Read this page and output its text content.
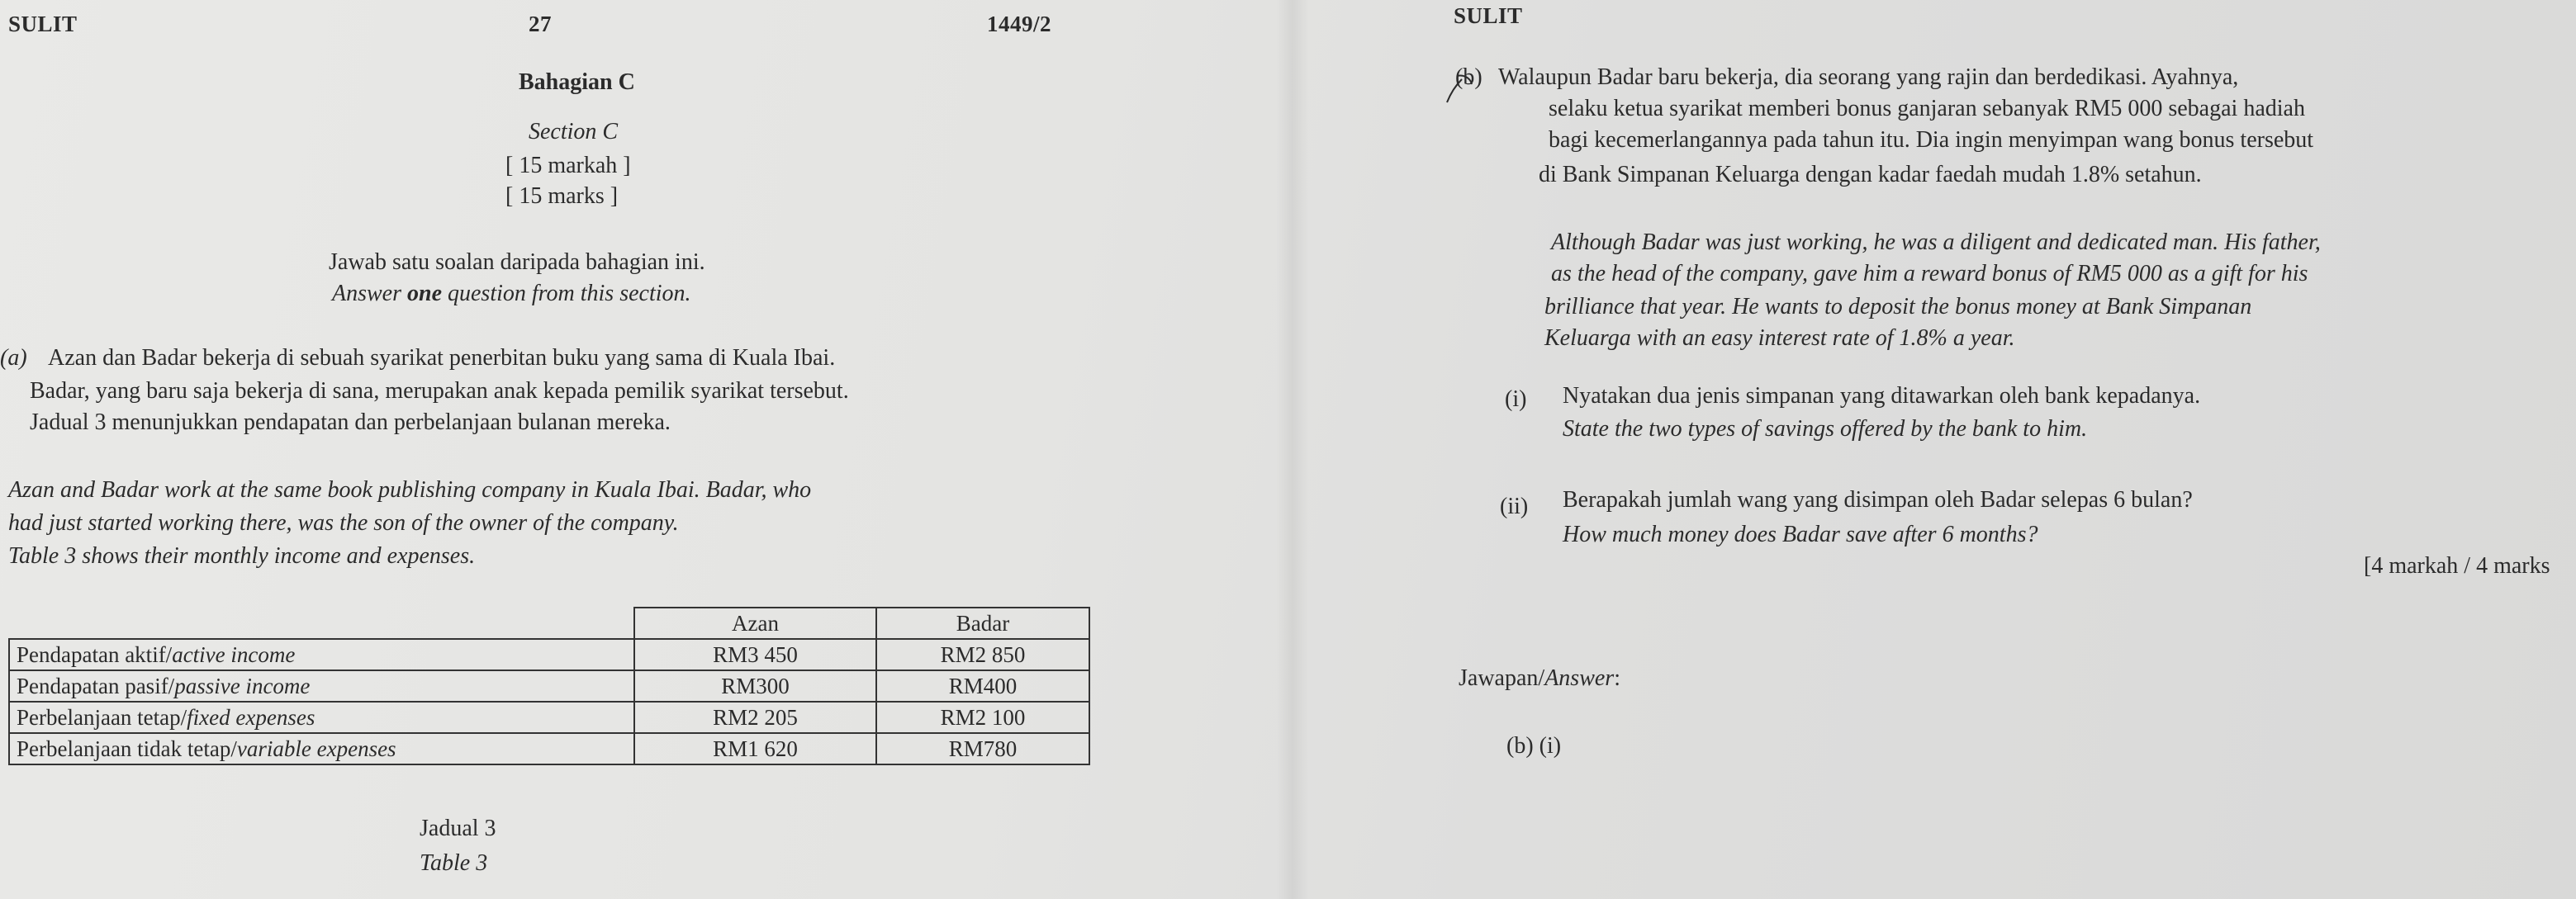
SULIT	27	1449/2
Bahagian C
Section C
[ 15 markah ]
[ 15 marks ]
Jawab satu soalan daripada bahagian ini.
Answer one question from this section.
(a) Azan dan Badar bekerja di sebuah syarikat penerbitan buku yang sama di Kuala Ibai.
Badar, yang baru saja bekerja di sana, merupakan anak kepada pemilik syarikat tersebut.
Jadual 3 menunjukkan pendapatan dan perbelanjaan bulanan mereka.
Azan and Badar work at the same book publishing company in Kuala Ibai. Badar, who
had just started working there, was the son of the owner of the company.
Table 3 shows their monthly income and expenses.
	Azan	Badar
Pendapatan aktif/active income	RM3 450	RM2 850
Pendapatan pasif/passive income	RM300	RM400
Perbelanjaan tetap/fixed expenses	RM2 205	RM2 100
Perbelanjaan tidak tetap/variable expenses	RM1 620	RM780
Jadual 3
Table 3
SULIT
(b) Walaupun Badar baru bekerja, dia seorang yang rajin dan berdedikasi. Ayahnya,
selaku ketua syarikat memberi bonus ganjaran sebanyak RM5 000 sebagai hadiah
bagi kecemerlangannya pada tahun itu. Dia ingin menyimpan wang bonus tersebut
di Bank Simpanan Keluarga dengan kadar faedah mudah 1.8% setahun.
Although Badar was just working, he was a diligent and dedicated man. His father,
as the head of the company, gave him a reward bonus of RM5 000 as a gift for his
brilliance that year. He wants to deposit the bonus money at Bank Simpanan
Keluarga with an easy interest rate of 1.8% a year.
(i) Nyatakan dua jenis simpanan yang ditawarkan oleh bank kepadanya.
State the two types of savings offered by the bank to him.
(ii) Berapakah jumlah wang yang disimpan oleh Badar selepas 6 bulan?
How much money does Badar save after 6 months?
[4 markah / 4 marks
Jawapan/Answer:
(b) (i)
